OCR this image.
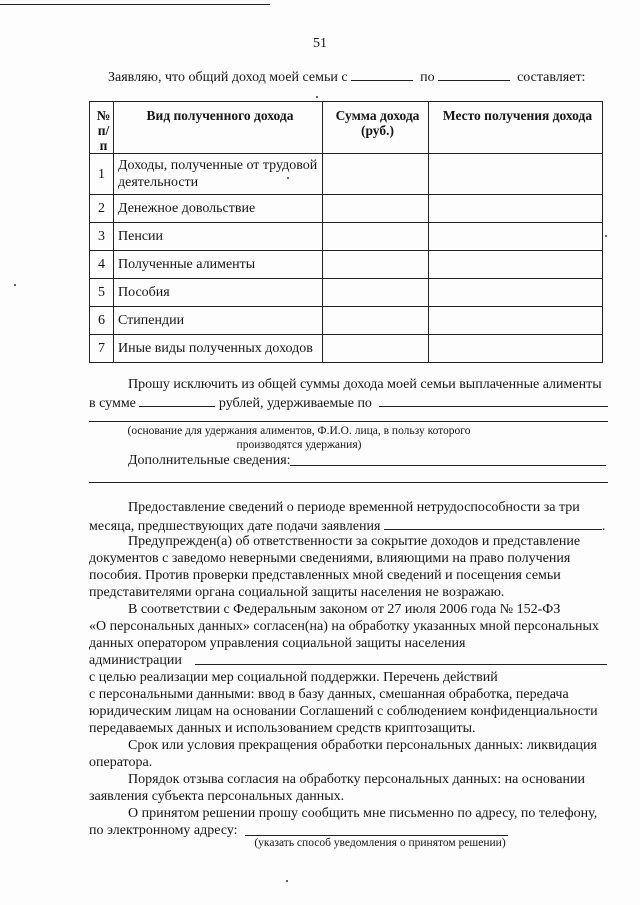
51
Заявляю, что общий доход моей семьи с	по	составляет:
№ п/п	Вид полученного дохода	Сумма дохода (руб.)	Место получения дохода
1	Доходы, полученные от трудовой деятельности		
2	Денежное довольствие		
3	Пенсии		
4	Полученные алименты		
5	Пособия		
6	Стипендии		
7	Иные виды полученных доходов		
Прошу исключить из общей суммы дохода моей семьи выплаченные алименты
в сумме	рублей, удерживаемые по
(основание для удержания алиментов, Ф.И.О. лица, в пользу которого
производятся удержания)
Дополнительные сведения:
Предоставление сведений о периоде временной нетрудоспособности за три
месяца, предшествующих дате подачи заявления	.
Предупрежден(а) об ответственности за сокрытие доходов и представление
документов с заведомо неверными сведениями, влияющими на право получения
пособия. Против проверки представленных мной сведений и посещения семьи
представителями органа социальной защиты населения не возражаю.
В соответствии с Федеральным законом от 27 июля 2006 года № 152-ФЗ
«О персональных данных» согласен(на) на обработку указанных мной персональных
данных оператором управления социальной защиты населения
администрации
с целью реализации мер социальной поддержки. Перечень действий
с персональными данными: ввод в базу данных, смешанная обработка, передача
юридическим лицам на основании Соглашений с соблюдением конфиденциальности
передаваемых данных и использованием средств криптозащиты.
Срок или условия прекращения обработки персональных данных: ликвидация
оператора.
Порядок отзыва согласия на обработку персональных данных: на основании
заявления субъекта персональных данных.
О принятом решении прошу сообщить мне письменно по адресу, по телефону,
по электронному адресу:
(указать способ уведомления о принятом решении)
